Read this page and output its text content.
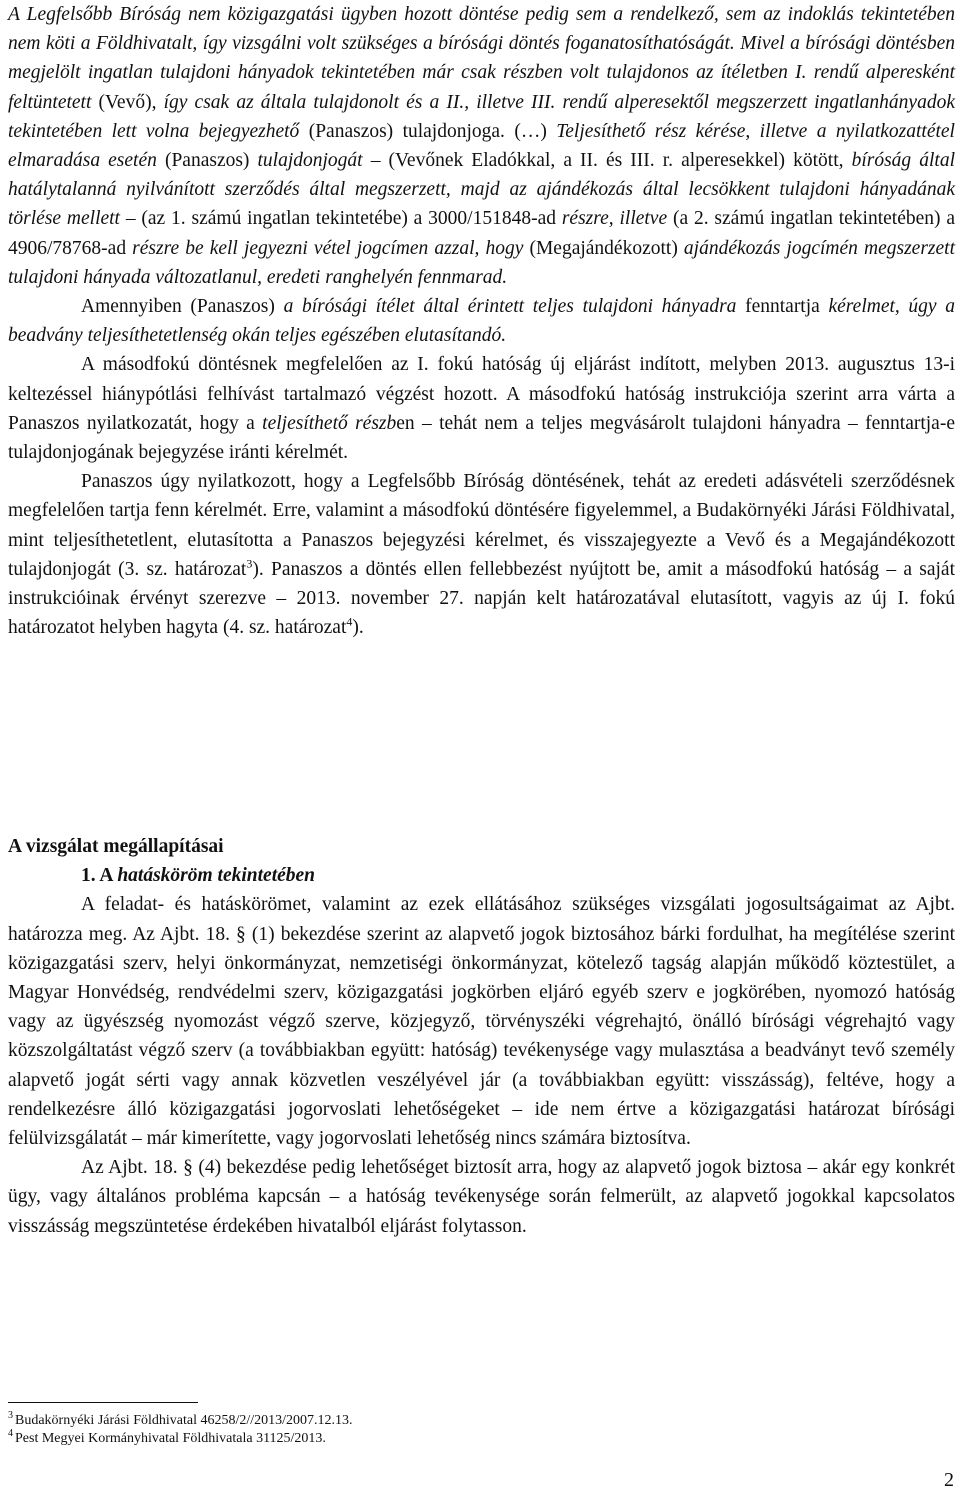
A Legfelsőbb Bíróság nem közigazgatási ügyben hozott döntése pedig sem a rendelkező, sem az indoklás tekintetében nem köti a Földhivatalt, így vizsgálni volt szükséges a bírósági döntés foganatosíthatóságát. Mivel a bírósági döntésben megjelölt ingatlan tulajdoni hányadok tekintetében már csak részben volt tulajdonos az ítéletben I. rendű alperesként feltüntetett (Vevő), így csak az általa tulajdonolt és a II., illetve III. rendű alperesektől megszerzett ingatlanhányadok tekintetében lett volna bejegyezhető (Panaszos) tulajdonjoga. (…) Teljesíthető rész kérése, illetve a nyilatkozattétel elmaradása esetén (Panaszos) tulajdonjogát – (Vevőnek Eladókkal, a II. és III. r. alperesekkel) kötött, bíróság által hatálytalanná nyilvánított szerződés által megszerzett, majd az ajándékozás által lecsökkent tulajdoni hányadának törlése mellett – (az 1. számú ingatlan tekintetébe) a 3000/151848-ad részre, illetve (a 2. számú ingatlan tekintetében) a 4906/78768-ad részre be kell jegyezni vétel jogcímen azzal, hogy (Megajándékozott) ajándékozás jogcímén megszerzett tulajdoni hányada változatlanul, eredeti ranghelyén fennmarad.

Amennyiben (Panaszos) a bírósági ítélet által érintett teljes tulajdoni hányadra fenntartja kérelmet, úgy a beadvány teljesíthetetlenség okán teljes egészében elutasítandó.

A másodfokú döntésnek megfelelően az I. fokú hatóság új eljárást indított, melyben 2013. augusztus 13-i keltezéssel hiánypótlási felhívást tartalmazó végzést hozott. A másodfokú hatóság instrukciója szerint arra várta a Panaszos nyilatkozatát, hogy a teljesíthető részben – tehát nem a teljes megvásárolt tulajdoni hányadra – fenntartja-e tulajdonjogának bejegyzése iránti kérelmét.

Panaszos úgy nyilatkozott, hogy a Legfelsőbb Bíróság döntésének, tehát az eredeti adásvételi szerződésnek megfelelően tartja fenn kérelmét. Erre, valamint a másodfokú döntésére figyelemmel, a Budakörnyéki Járási Földhivatal, mint teljesíthetetlent, elutasította a Panaszos bejegyzési kérelmet, és visszajegyezte a Vevő és a Megajándékozott tulajdonjogát (3. sz. határozat$^3$). Panaszos a döntés ellen fellebbezést nyújtott be, amit a másodfokú hatóság – a saját instrukcióinak érvényt szerezve – 2013. november 27. napján kelt határozatával elutasított, vagyis az új I. fokú határozatot helyben hagyta (4. sz. határozat$^4$).

A vizsgálat megállapításai
1. A hatásköröm tekintetében

A feladat- és hatáskörömet, valamint az ezek ellátásához szükséges vizsgálati jogosultságaimat az Ajbt. határozza meg. Az Ajbt. 18. § (1) bekezdése szerint az alapvető jogok biztosához bárki fordulhat, ha megítélése szerint közigazgatási szerv, helyi önkormányzat, nemzetiségi önkormányzat, kötelező tagság alapján működő köztestület, a Magyar Honvédség, rendvédelmi szerv, közigazgatási jogkörben eljáró egyéb szerv e jogkörében, nyomozó hatóság vagy az ügyészség nyomozást végző szerve, közjegyző, törvényszéki végrehajtó, önálló bírósági végrehajtó vagy közszolgáltatást végző szerv (a továbbiakban együtt: hatóság) tevékenysége vagy mulasztása a beadványt tevő személy alapvető jogát sérti vagy annak közvetlen veszélyével jár (a továbbiakban együtt: visszásság), feltéve, hogy a rendelkezésre álló közigazgatási jogorvoslati lehetőségeket – ide nem értve a közigazgatási határozat bírósági felülvizsgálatát – már kimerítette, vagy jogorvoslati lehetőség nincs számára biztosítva.

Az Ajbt. 18. § (4) bekezdése pedig lehetőséget biztosít arra, hogy az alapvető jogok biztosa – akár egy konkrét ügy, vagy általános probléma kapcsán – a hatóság tevékenysége során felmerült, az alapvető jogokkal kapcsolatos visszásság megszüntetése érdekében hivatalból eljárást folytasson.

$^3$ Budakörnyéki Járási Földhivatal 46258/2//2013/2007.12.13.

$^4$ Pest Megyei Kormányhivatal Földhivatala 31125/2013.

2
